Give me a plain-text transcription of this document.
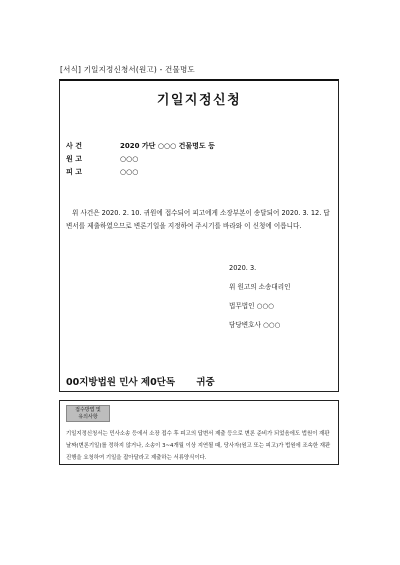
[서식] 기일지정신청서(원고) - 건물명도
기일지정신청
사 건	2020 가단 ○○○ 건물명도 등
원 고	○○○
피 고	○○○
위 사건은 2020. 2. 10. 귀원에 접수되어 피고에게 소장부본이 송달되어 2020. 3. 12. 답변서를 제출하였으므로 변론기일을 지정하여 주시기를 바라와 이 신청에 이릅니다.
2020. 3.
위 원고의 소송대리인
법무법인 ○○○
담당변호사 ○○○
00지방법원 민사 제0단독 귀중
접수방법 및
유의사항
기일지정신청서는 민사소송 등에서 소장 접수 후 피고의 답변서 제출 등으로 변론 준비가 되었음에도 법원이 재판 날짜(변론기일)를 정하지 않거나, 소송이 3~4개월 이상 지연될 때, 당사자(원고 또는 피고)가 법원에 조속한 재판 진행을 요청하여 기일을 잡아달라고 제출하는 서류양식이다.
